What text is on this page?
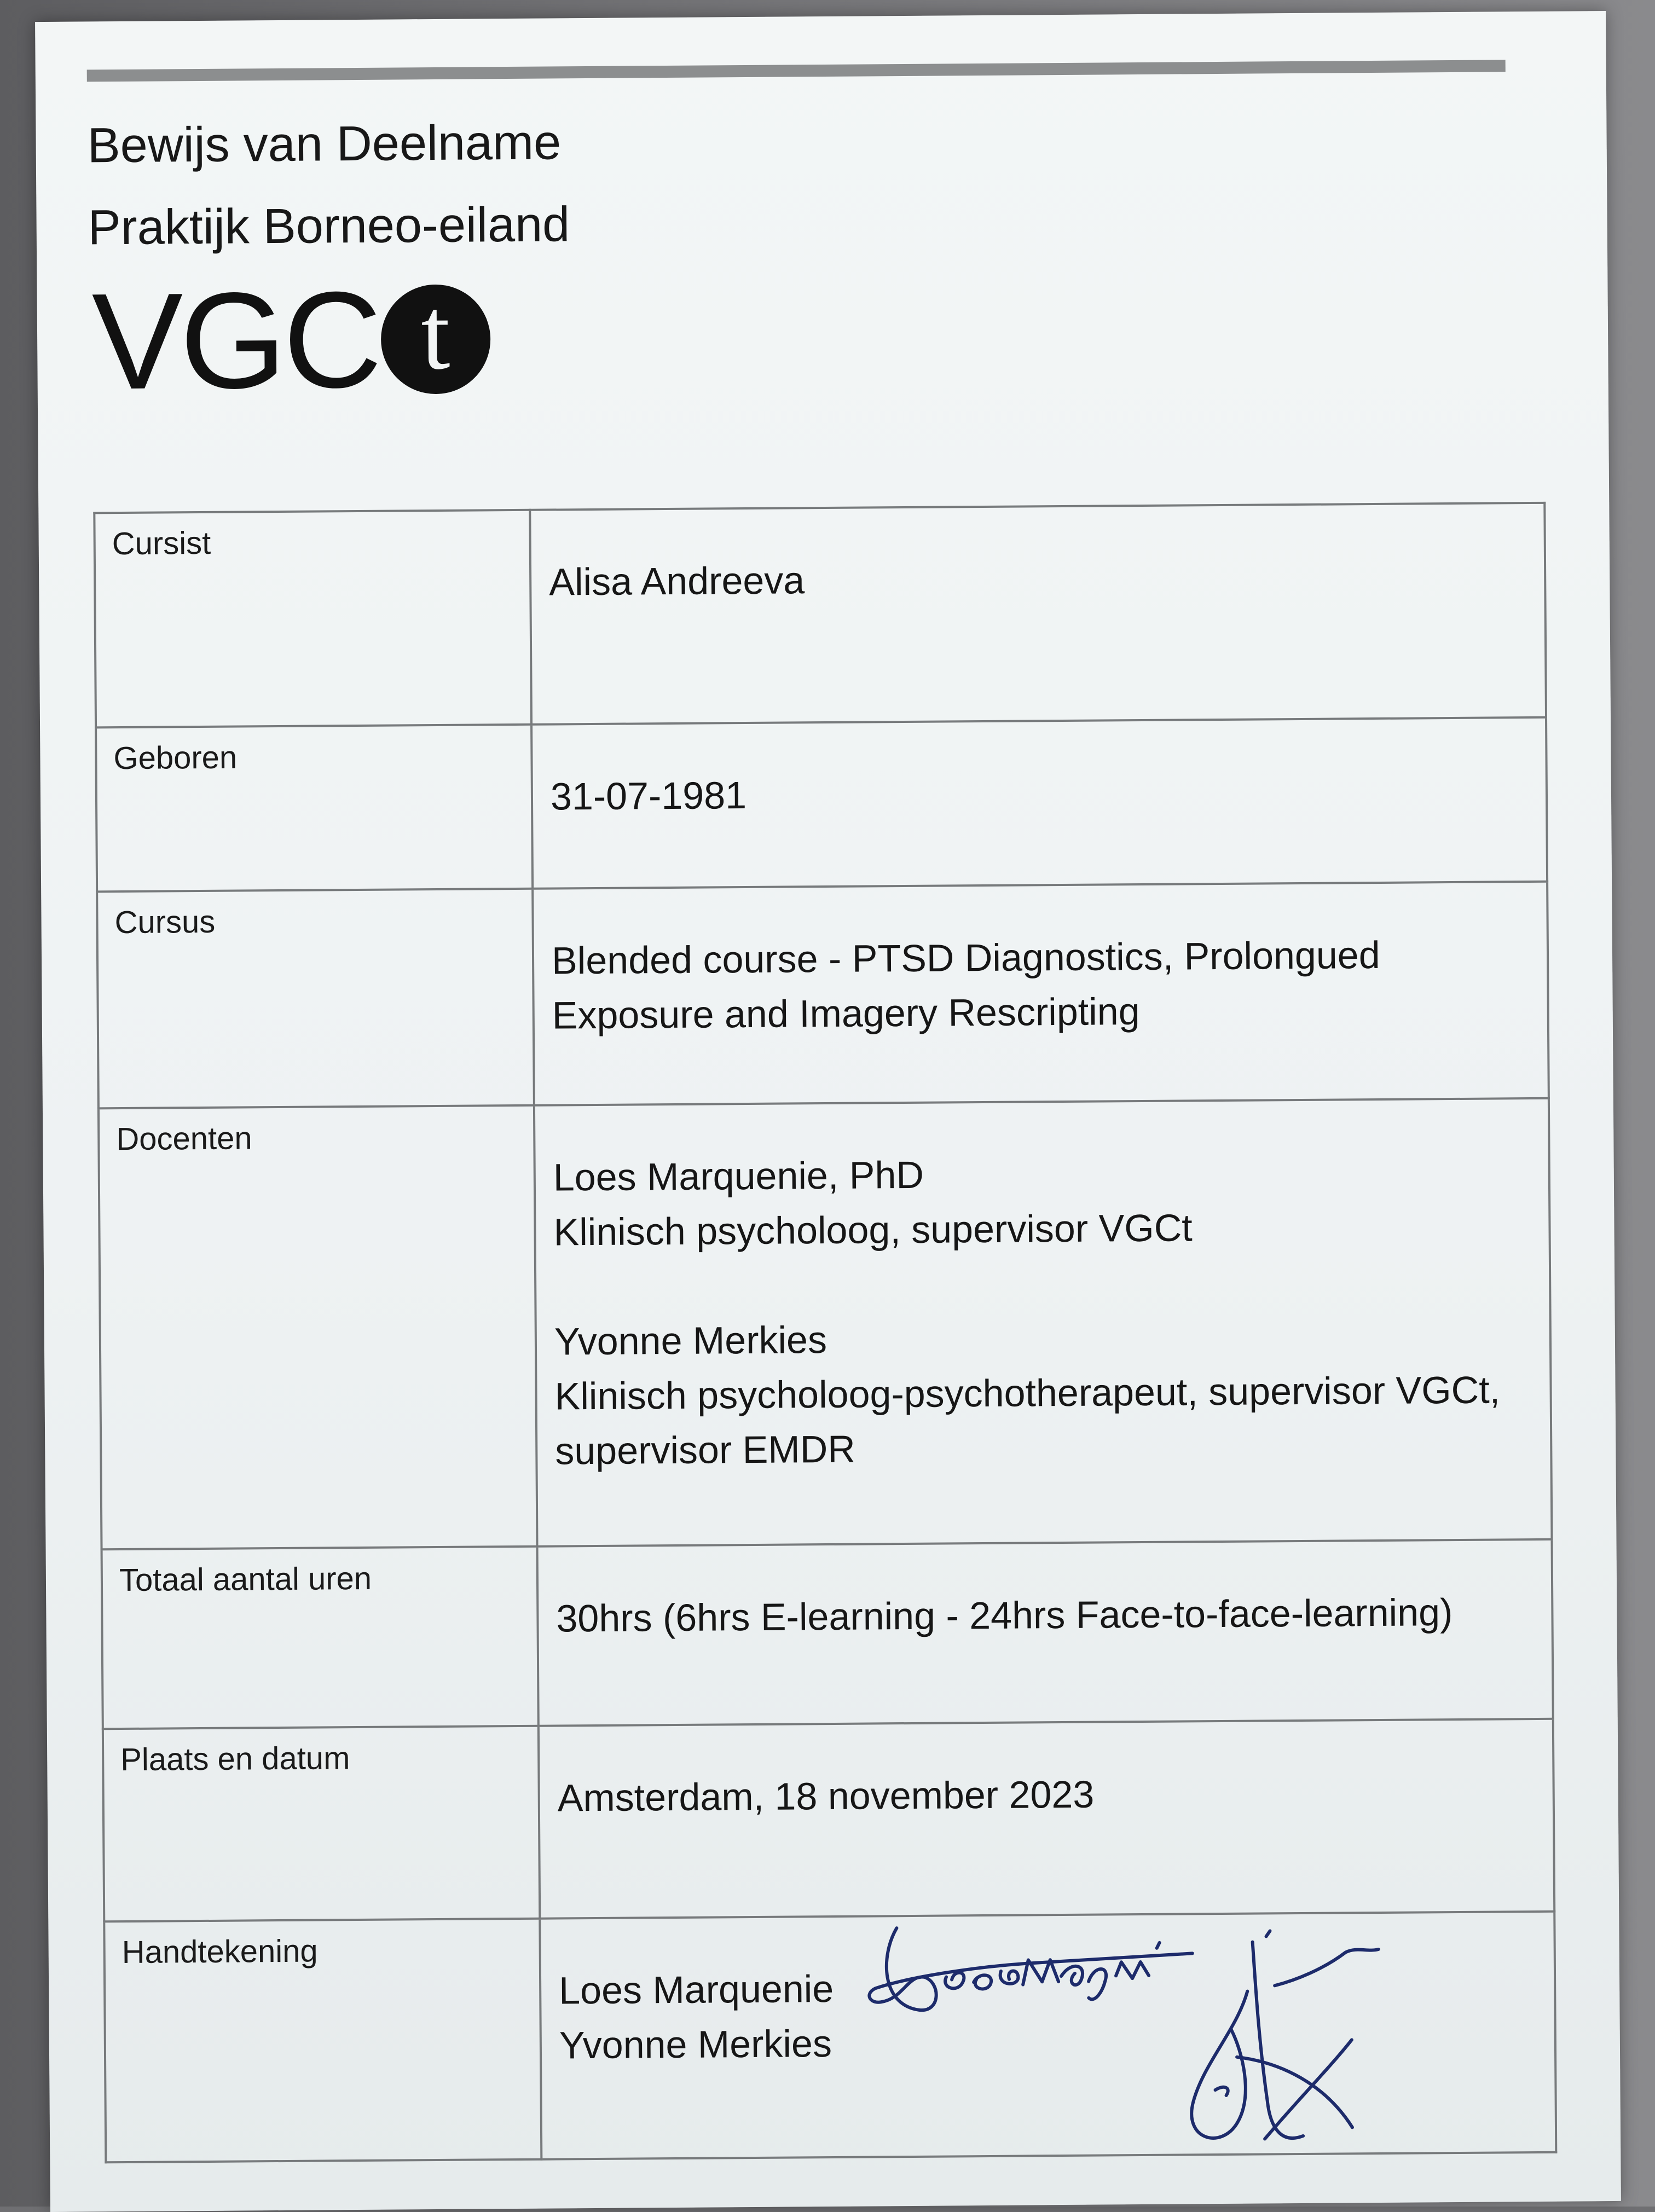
Bewijs van Deelname
Praktijk Borneo-eiland
VGC t
Cursist	Alisa Andreeva

Geboren	31-07-1981

Cursus	Blended course - PTSD Diagnostics, Prolongued
Exposure and Imagery Rescripting

Docenten	Loes Marquenie, PhD
Klinisch psycholoog, supervisor VGCt
Yvonne Merkies
Klinisch psycholoog-psychotherapeut, supervisor VGCt,
supervisor EMDR

Totaal aantal uren	30hrs (6hrs E-learning - 24hrs Face-to-face-learning)

Plaats en datum	Amsterdam, 18 november 2023

Handtekening	Loes Marquenie
Yvonne Merkies
